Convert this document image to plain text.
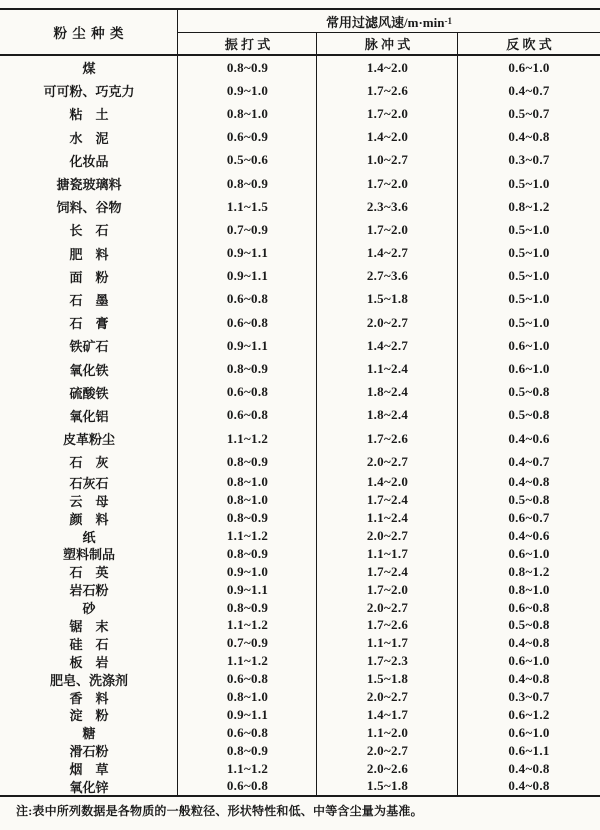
粉 尘 种 类
常用过滤风速/m·min -1
振 打 式	脉 冲 式	反 吹 式
煤	0.8~0.9	1.4~2.0	0.6~1.0
可可粉、巧克力	0.9~1.0	1.7~2.6	0.4~0.7
粘　土	0.8~1.0	1.7~2.0	0.5~0.7
水　泥	0.6~0.9	1.4~2.0	0.4~0.8
化妆品	0.5~0.6	1.0~2.7	0.3~0.7
搪瓷玻璃料	0.8~0.9	1.7~2.0	0.5~1.0
饲料、谷物	1.1~1.5	2.3~3.6	0.8~1.2
长　石	0.7~0.9	1.7~2.0	0.5~1.0
肥　料	0.9~1.1	1.4~2.7	0.5~1.0
面　粉	0.9~1.1	2.7~3.6	0.5~1.0
石　墨	0.6~0.8	1.5~1.8	0.5~1.0
石　膏	0.6~0.8	2.0~2.7	0.5~1.0
铁矿石	0.9~1.1	1.4~2.7	0.6~1.0
氧化铁	0.8~0.9	1.1~2.4	0.6~1.0
硫酸铁	0.6~0.8	1.8~2.4	0.5~0.8
氧化铝	0.6~0.8	1.8~2.4	0.5~0.8
皮革粉尘	1.1~1.2	1.7~2.6	0.4~0.6
石　灰	0.8~0.9	2.0~2.7	0.4~0.7
石灰石	0.8~1.0	1.4~2.0	0.4~0.8
云　母	0.8~1.0	1.7~2.4	0.5~0.8
颜　料	0.8~0.9	1.1~2.4	0.6~0.7
纸	1.1~1.2	2.0~2.7	0.4~0.6
塑料制品	0.8~0.9	1.1~1.7	0.6~1.0
石　英	0.9~1.0	1.7~2.4	0.8~1.2
岩石粉	0.9~1.1	1.7~2.0	0.8~1.0
砂	0.8~0.9	2.0~2.7	0.6~0.8
锯　末	1.1~1.2	1.7~2.6	0.5~0.8
硅　石	0.7~0.9	1.1~1.7	0.4~0.8
板　岩	1.1~1.2	1.7~2.3	0.6~1.0
肥皂、洗涤剂	0.6~0.8	1.5~1.8	0.4~0.8
香　料	0.8~1.0	2.0~2.7	0.3~0.7
淀　粉	0.9~1.1	1.4~1.7	0.6~1.2
糖	0.6~0.8	1.1~2.0	0.6~1.0
滑石粉	0.8~0.9	2.0~2.7	0.6~1.1
烟　草	1.1~1.2	2.0~2.6	0.4~0.8
氧化锌	0.6~0.8	1.5~1.8	0.4~0.8
注:表中所列数据是各物质的一般粒径、形状特性和低、中等含尘量为基准。
